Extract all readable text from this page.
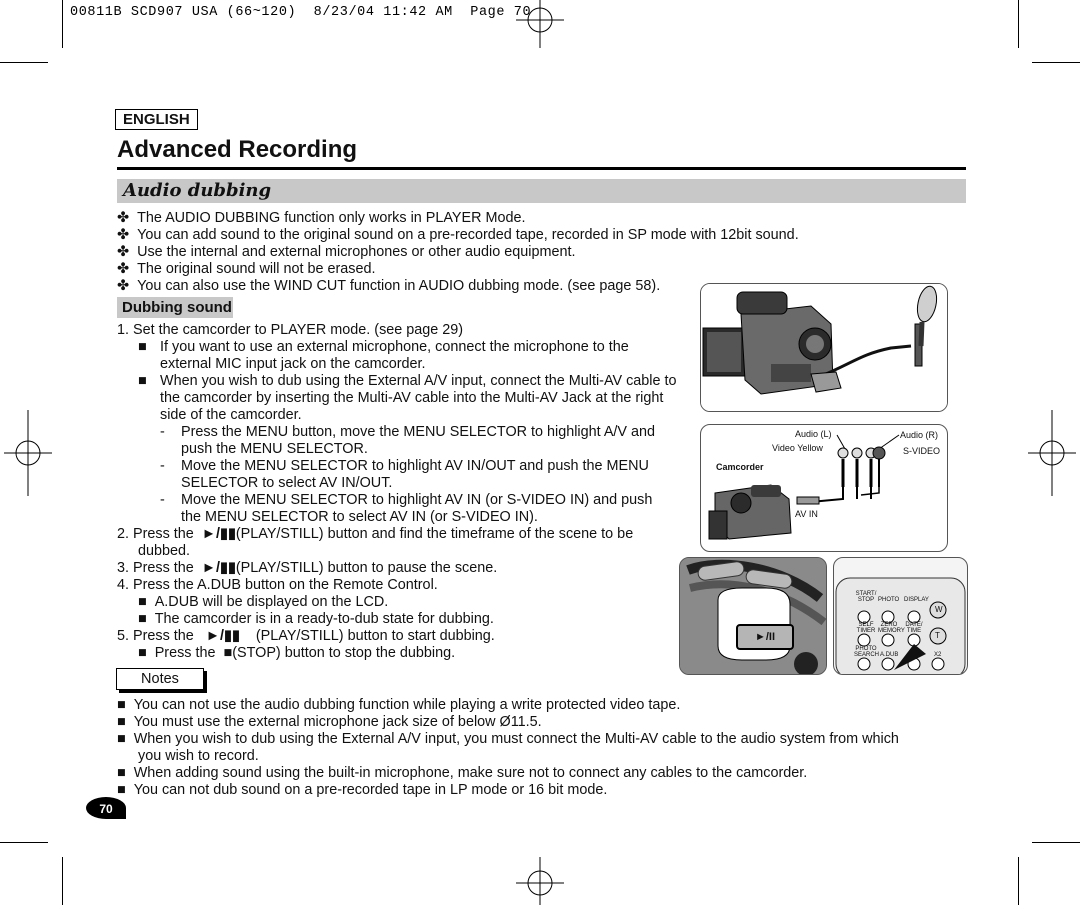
00811B SCD907 USA (66~120)  8/23/04 11:42 AM  Page 70
ENGLISH
Advanced Recording
Audio dubbing
✤ The AUDIO DUBBING function only works in PLAYER Mode.
✤ You can add sound to the original sound on a pre-recorded tape, recorded in SP mode with 12bit sound.
✤ Use the internal and external microphones or other audio equipment.
✤ The original sound will not be erased.
✤ You can also use the WIND CUT function in AUDIO dubbing mode. (see page 58).
Dubbing sound
1. Set the camcorder to PLAYER mode. (see page 29)
■ If you want to use an external microphone, connect the microphone to the
external MIC input jack on the camcorder.
■ When you wish to dub using the External A/V input, connect the Multi-AV cable to
the camcorder by inserting the Multi-AV cable into the Multi-AV Jack at the right
side of the camcorder.
- Press the MENU button, move the MENU SELECTOR to highlight A/V and
push the MENU SELECTOR.
- Move the MENU SELECTOR to highlight AV IN/OUT and push the MENU
SELECTOR to select AV IN/OUT.
- Move the MENU SELECTOR to highlight AV IN (or S-VIDEO IN) and push
the MENU SELECTOR to select AV IN (or S-VIDEO IN).
2. Press the ►/▮▮(PLAY/STILL) button and find the timeframe of the scene to be
dubbed.
3. Press the ►/▮▮(PLAY/STILL) button to pause the scene.
4. Press the A.DUB button on the Remote Control.
■ A.DUB will be displayed on the LCD.
■ The camcorder is in a ready-to-dub state for dubbing.
5. Press the ►/▮▮ (PLAY/STILL) button to start dubbing.
■ Press the ■(STOP) button to stop the dubbing.
Notes
■ You can not use the audio dubbing function while playing a write protected video tape.
■ You must use the external microphone jack size of below Ø11.5.
■ When you wish to dub using the External A/V input, you must connect the Multi-AV cable to the audio system from which
you wish to record.
■ When adding sound using the built-in microphone, make sure not to connect any cables to the camcorder.
■ You can not dub sound on a pre-recorded tape in LP mode or 16 bit mode.
70
Audio (L)	Audio (R)
Video Yellow	S-VIDEO
Camcorder
AV IN
►/II
START/ STOP PHOTO DISPLAY
SELF TIMER
ZERO MEMORY
DATE/ TIME
PHOTO SEARCH A.DUB	X2
W
T
